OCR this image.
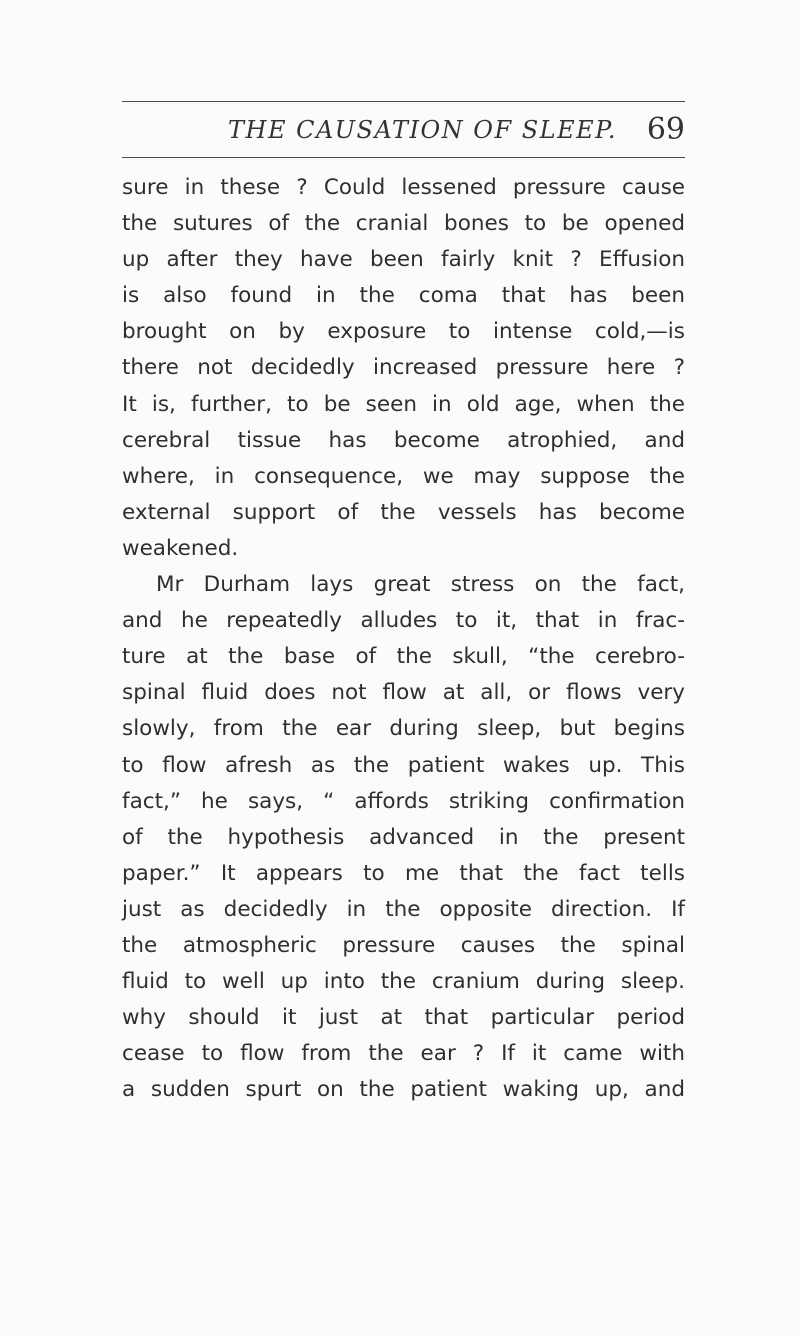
THE CAUSATION OF SLEEP. 69
sure in these ? Could lessened pressure cause
the sutures of the cranial bones to be opened
up after they have been fairly knit ? Effusion
is also found in the coma that has been
brought on by exposure to intense cold,—is
there not decidedly increased pressure here ?
It is, further, to be seen in old age, when the
cerebral tissue has become atrophied, and
where, in consequence, we may suppose the
external support of the vessels has become
weakened.
Mr Durham lays great stress on the fact,
and he repeatedly alludes to it, that in frac-
ture at the base of the skull, “the cerebro-
spinal fluid does not flow at all, or flows very
slowly, from the ear during sleep, but begins
to flow afresh as the patient wakes up. This
fact,” he says, “ affords striking confirmation
of the hypothesis advanced in the present
paper.” It appears to me that the fact tells
just as decidedly in the opposite direction. If
the atmospheric pressure causes the spinal
fluid to well up into the cranium during sleep.
why should it just at that particular period
cease to flow from the ear ? If it came with
a sudden spurt on the patient waking up, and
